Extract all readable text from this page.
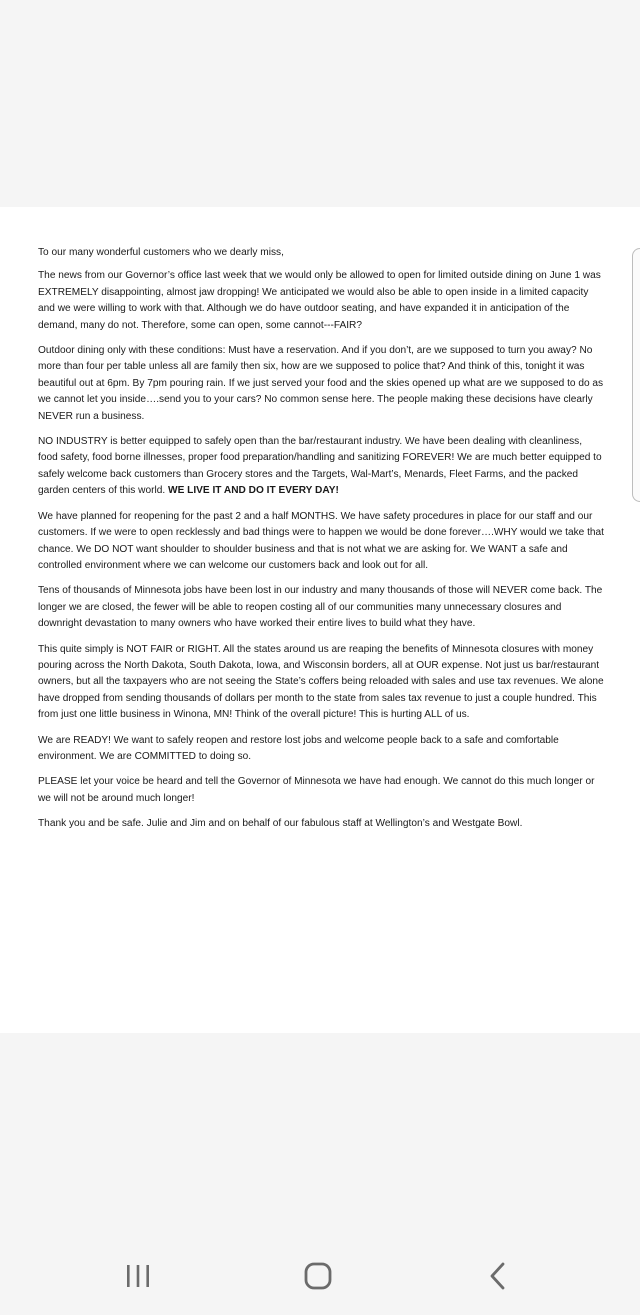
To our many wonderful customers who we dearly miss,

The news from our Governor’s office last week that we would only be allowed to open for limited outside dining on June 1 was EXTREMELY disappointing, almost jaw dropping! We anticipated we would also be able to open inside in a limited capacity and we were willing to work with that. Although we do have outdoor seating, and have expanded it in anticipation of the demand, many do not. Therefore, some can open, some cannot---FAIR?

Outdoor dining only with these conditions: Must have a reservation. And if you don’t, are we supposed to turn you away? No more than four per table unless all are family then six, how are we supposed to police that? And think of this, tonight it was beautiful out at 6pm. By 7pm pouring rain. If we just served your food and the skies opened up what are we supposed to do as we cannot let you inside….send you to your cars? No common sense here. The people making these decisions have clearly NEVER run a business.

NO INDUSTRY is better equipped to safely open than the bar/restaurant industry. We have been dealing with cleanliness, food safety, food borne illnesses, proper food preparation/handling and sanitizing FOREVER! We are much better equipped to safely welcome back customers than Grocery stores and the Targets, Wal-Mart’s, Menards, Fleet Farms, and the packed garden centers of this world. WE LIVE IT AND DO IT EVERY DAY!

We have planned for reopening for the past 2 and a half MONTHS. We have safety procedures in place for our staff and our customers. If we were to open recklessly and bad things were to happen we would be done forever….WHY would we take that chance. We DO NOT want shoulder to shoulder business and that is not what we are asking for. We WANT a safe and controlled environment where we can welcome our customers back and look out for all.

Tens of thousands of Minnesota jobs have been lost in our industry and many thousands of those will NEVER come back. The longer we are closed, the fewer will be able to reopen costing all of our communities many unnecessary closures and downright devastation to many owners who have worked their entire lives to build what they have.

This quite simply is NOT FAIR or RIGHT. All the states around us are reaping the benefits of Minnesota closures with money pouring across the North Dakota, South Dakota, Iowa, and Wisconsin borders, all at OUR expense. Not just us bar/restaurant owners, but all the taxpayers who are not seeing the State’s coffers being reloaded with sales and use tax revenues. We alone have dropped from sending thousands of dollars per month to the state from sales tax revenue to just a couple hundred. This from just one little business in Winona, MN! Think of the overall picture! This is hurting ALL of us.

We are READY! We want to safely reopen and restore lost jobs and welcome people back to a safe and comfortable environment. We are COMMITTED to doing so.

PLEASE let your voice be heard and tell the Governor of Minnesota we have had enough. We cannot do this much longer or we will not be around much longer!

Thank you and be safe. Julie and Jim and on behalf of our fabulous staff at Wellington’s and Westgate Bowl.
